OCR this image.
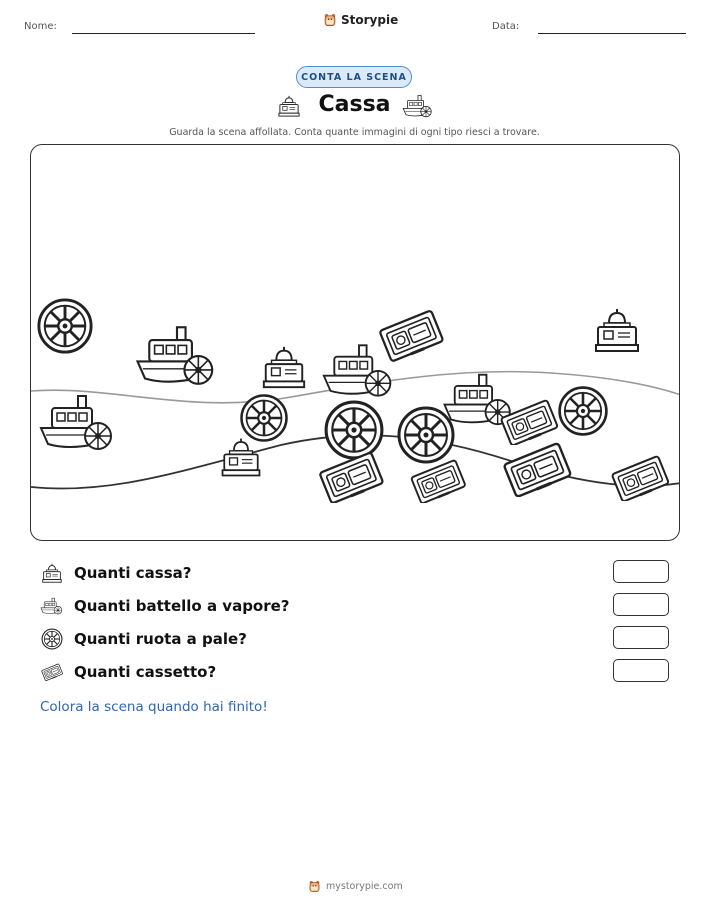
Nome:	Storypie	Data:
CONTA LA SCENA
Cassa
Guarda la scena affollata. Conta quante immagini di ogni tipo riesci a trovare.
Quanti cassa?
Quanti battello a vapore?
Quanti ruota a pale?
Quanti cassetto?
Colora la scena quando hai finito!
mystorypie.com
